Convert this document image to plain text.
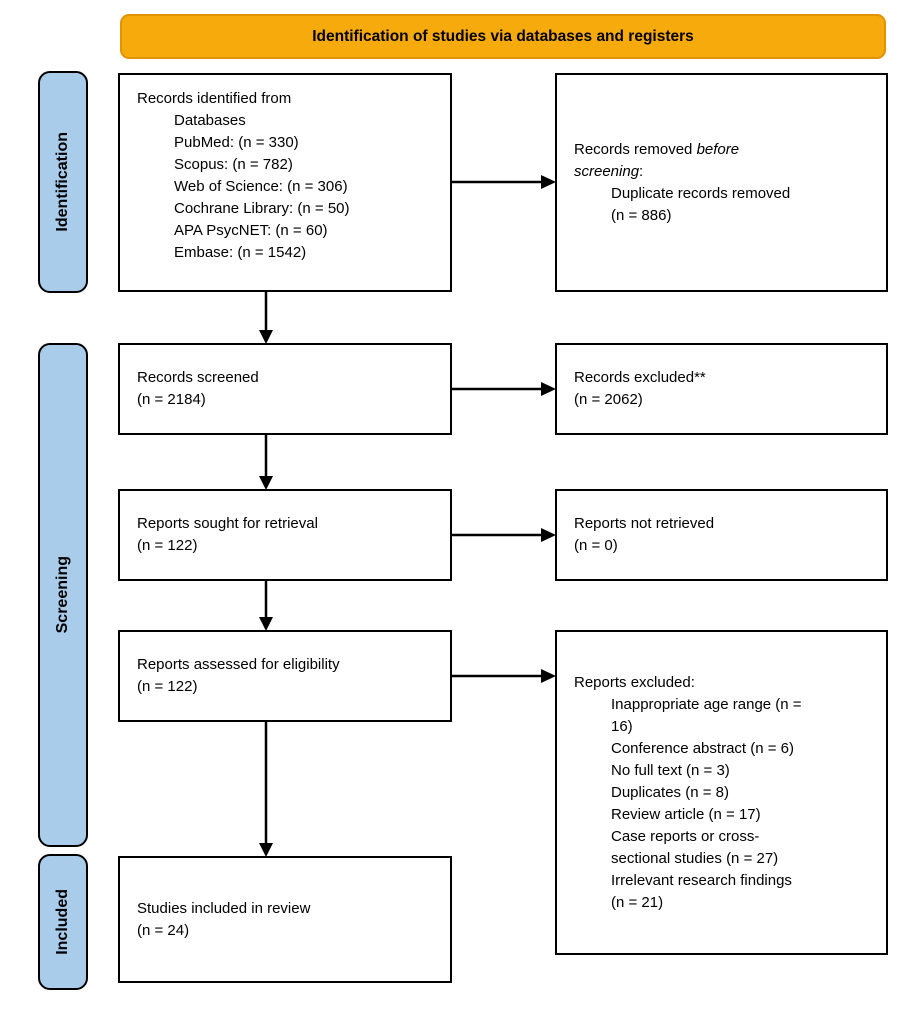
Identification of studies via databases and registers
Identification
Screening
Included
Records identified from
Databases
PubMed: (n = 330)
Scopus: (n = 782)
Web of Science: (n = 306)
Cochrane Library: (n = 50)
APA PsycNET: (n = 60)
Embase: (n = 1542)
Records removed before
screening:
Duplicate records removed
(n = 886)
Records screened
(n = 2184)
Records excluded**
(n = 2062)
Reports sought for retrieval
(n = 122)
Reports not retrieved
(n = 0)
Reports assessed for eligibility
(n = 122)	Reports excluded:
Inappropriate age range (n =
16)
Conference abstract (n = 6)
No full text (n = 3)
Duplicates (n = 8)
Review article (n = 17)
Case reports or cross-
sectional studies (n = 27)
Irrelevant research findings
(n = 21)
Studies included in review
(n = 24)
